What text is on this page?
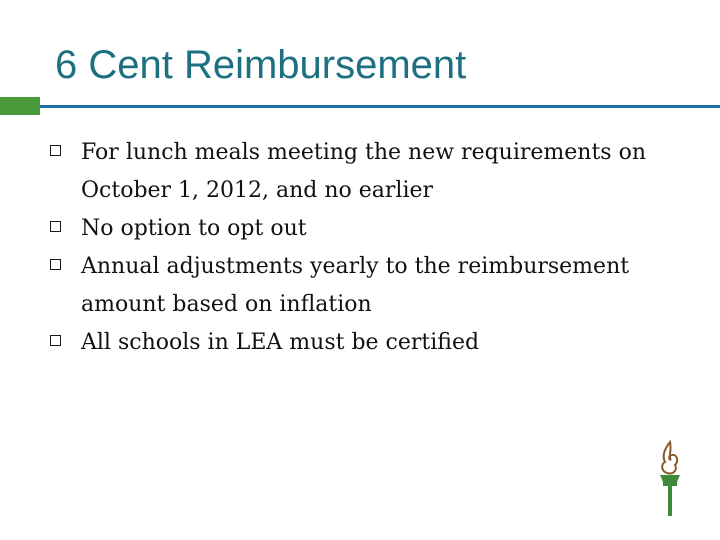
6 Cent Reimbursement
For lunch meals meeting the new requirements on October 1, 2012, and no earlier
No option to opt out
Annual adjustments yearly to the reimbursement amount based on inflation
All schools in LEA must be certified
